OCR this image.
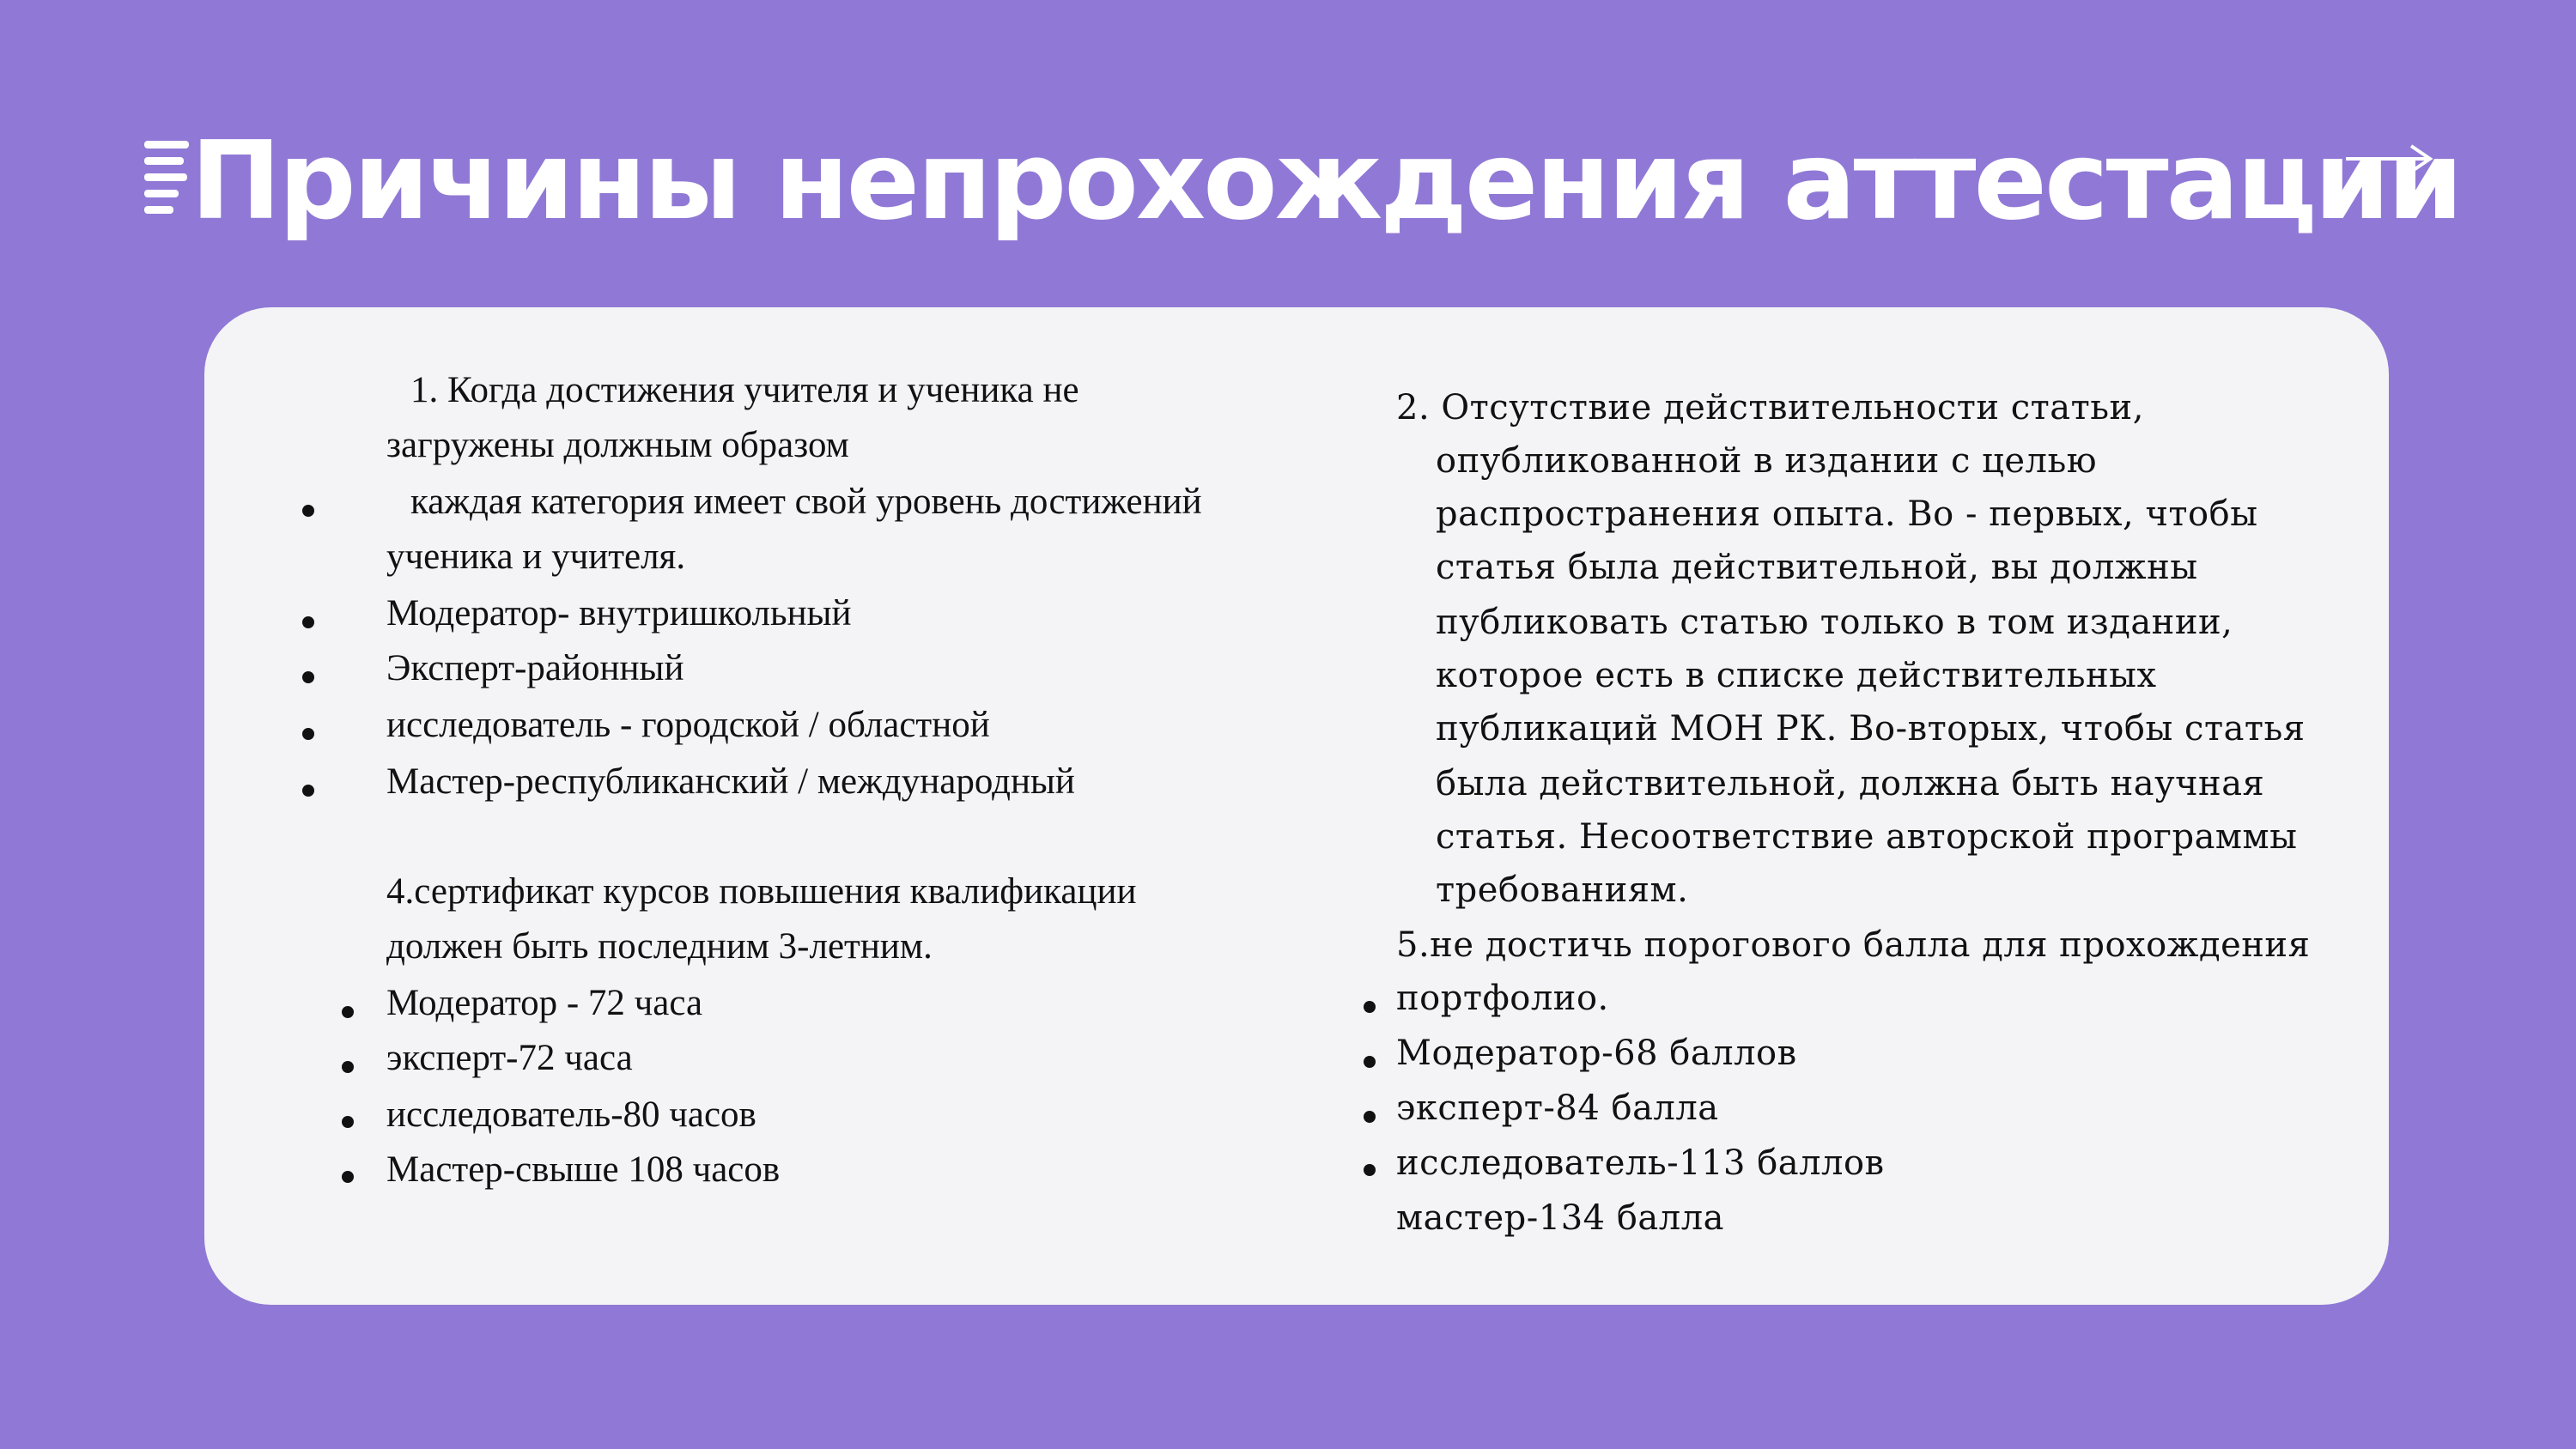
Причины непрохождения аттестации
1. Когда достижения учителя и ученика не
загружены должным образом
каждая категория имеет свой уровень достижений
ученика и учителя.
Модератор- внутришкольный
Эксперт-районный
исследователь - городской / областной
Мастер-республиканский / международный
4.сертификат курсов повышения квалификации
должен быть последним 3-летним.
Модератор - 72 часа
эксперт-72 часа
исследователь-80 часов
Мастер-свыше 108 часов
2. Отсутствие действительности статьи,
опубликованной в издании с целью
распространения опыта. Во - первых, чтобы
статья была действительной, вы должны
публиковать статью только в том издании,
которое есть в списке действительных
публикаций МОН РК. Во-вторых, чтобы статья
была действительной, должна быть научная
статья. Несоответствие авторской программы
требованиям.
5.не достичь порогового балла для прохождения
портфолио.
Модератор-68 баллов
эксперт-84 балла
исследователь-113 баллов
мастер-134 балла
